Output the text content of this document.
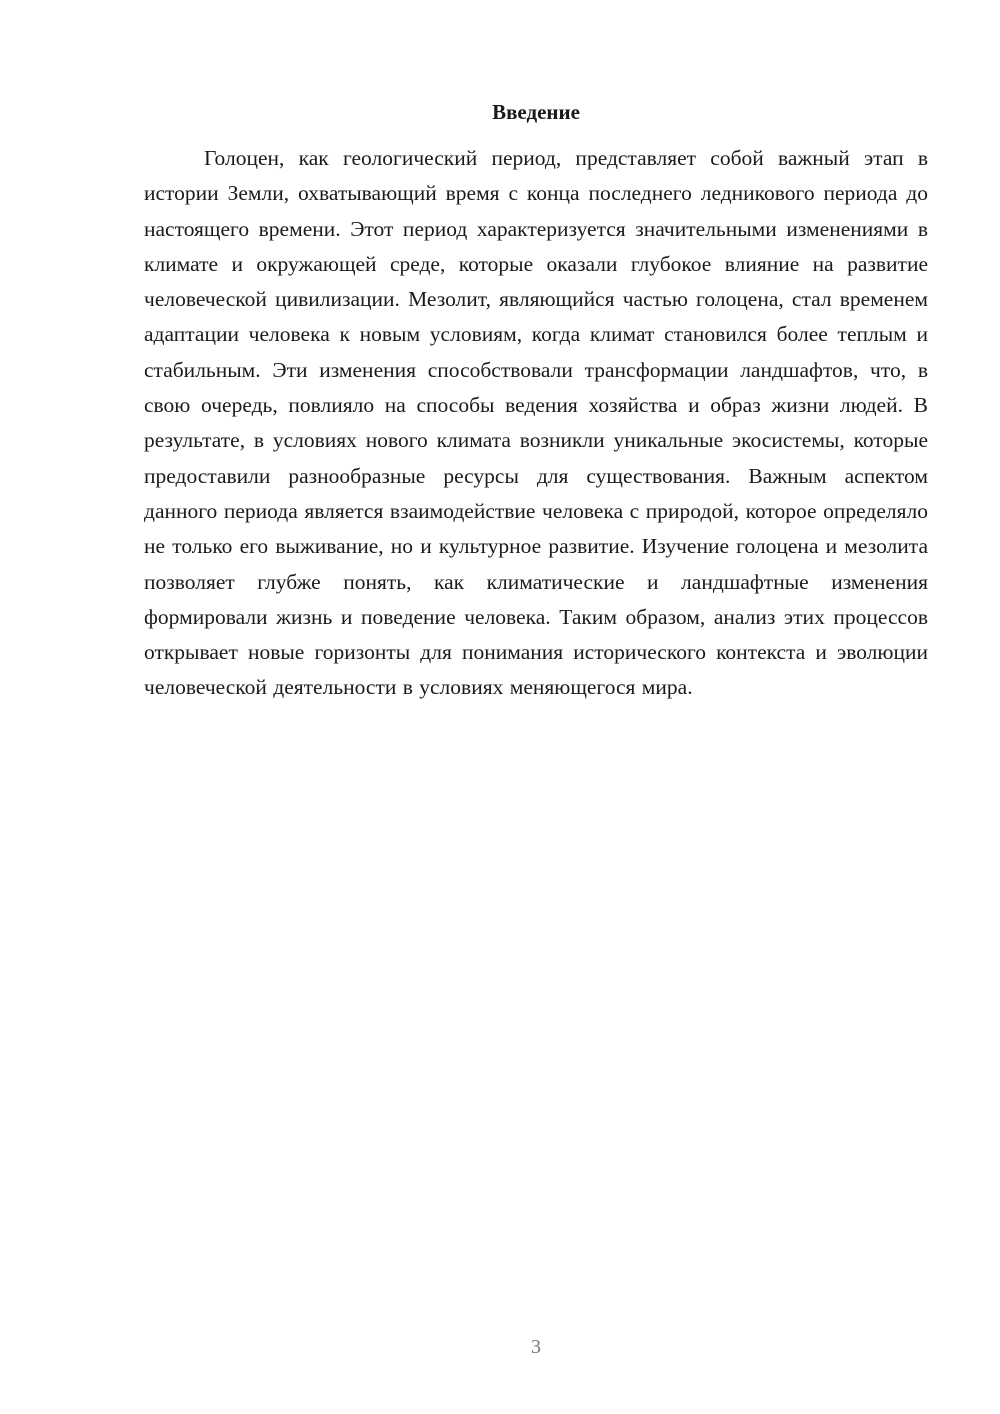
Введение

Голоцен, как геологический период, представляет собой важный этап в истории Земли, охватывающий время с конца последнего ледникового периода до настоящего времени. Этот период характеризуется значительными изменениями в климате и окружающей среде, которые оказали глубокое влияние на развитие человеческой цивилизации. Мезолит, являющийся частью голоцена, стал временем адаптации человека к новым условиям, когда климат становился более теплым и стабильным. Эти изменения способствовали трансформации ландшафтов, что, в свою очередь, повлияло на способы ведения хозяйства и образ жизни людей. В результате, в условиях нового климата возникли уникальные экосистемы, которые предоставили разнообразные ресурсы для существования. Важным аспектом данного периода является взаимодействие человека с природой, которое определяло не только его выживание, но и культурное развитие. Изучение голоцена и мезолита позволяет глубже понять, как климатические и ландшафтные изменения формировали жизнь и поведение человека. Таким образом, анализ этих процессов открывает новые горизонты для понимания исторического контекста и эволюции человеческой деятельности в условиях меняющегося мира.

3
